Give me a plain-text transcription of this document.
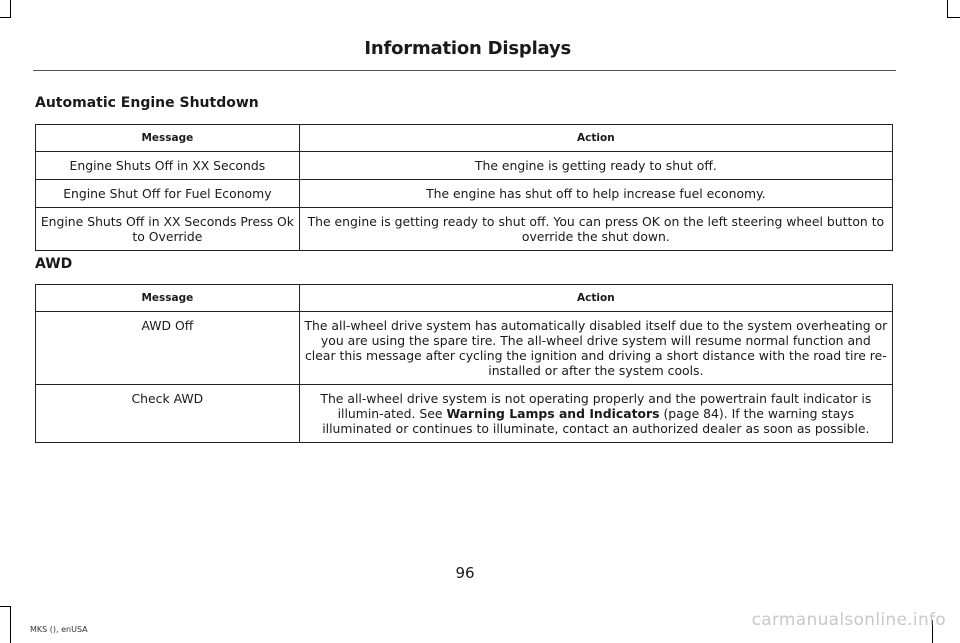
Information Displays
Automatic Engine Shutdown
Message	Action
Engine Shuts Off in XX Seconds	The engine is getting ready to shut off.
Engine Shut Off for Fuel Economy	The engine has shut off to help increase fuel economy.
Engine Shuts Off in XX Seconds Press Ok to Override	The engine is getting ready to shut off. You can press OK on the left steering wheel button to override the shut down.
AWD
Message	Action
AWD Off	The all-wheel drive system has automatically disabled itself due to the system overheating or you are using the spare tire. The all-wheel drive system will resume normal function and clear this message after cycling the ignition and driving a short distance with the road tire re-installed or after the system cools.
Check AWD	The all-wheel drive system is not operating properly and the powertrain fault indicator is illumin-ated. See Warning Lamps and Indicators (page 84). If the warning stays illuminated or continues to illuminate, contact an authorized dealer as soon as possible.
96
MKS (), enUSA	carmanualsonline.info
